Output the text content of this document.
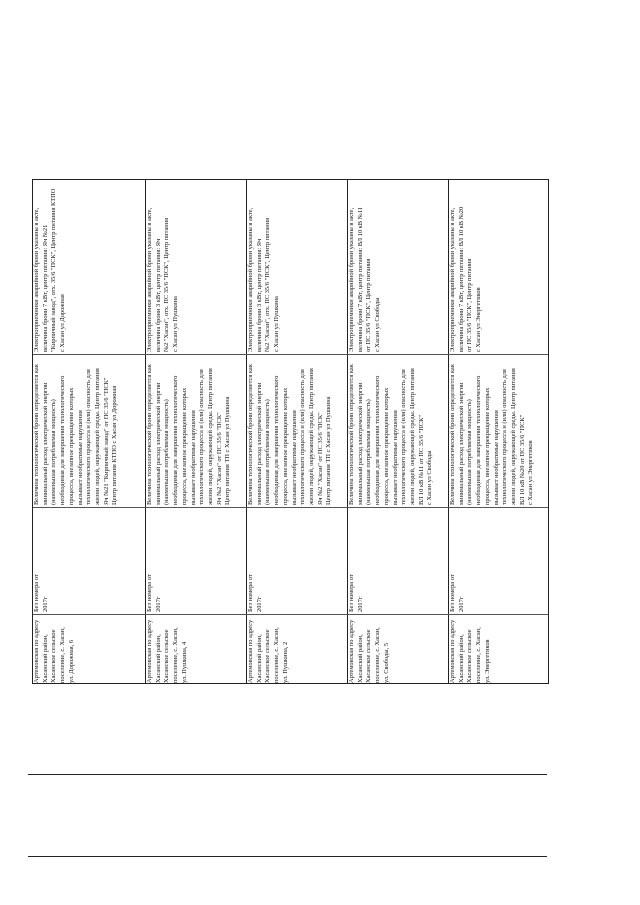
Электроприемники аварийной брони указаны в акте,
величина брони 7 кВт, центр питания: Яч №21
"Кирпичный завод", отх. 35/6 "ПСК", Центр питания КТПО
с Хасан ул Дорожная
Величина технологической брони определяется как
минимальный расход электрической энергии
(наименьшая потребляемая мощность)
необходимая для завершения технологического
процесса, внезапное прекращение которых
вызывает необратимые нарушения
технологического процесса и (или) опасность для
жизни людей, окружающей среды. Центр питания
Яч №21 "Кирпичный завод" от ПС 35/6 "ПСК"
Центр питания КТПО с Хасан ул Дорожная
Без номера от
2017г
Артемовская по адресу
Хасанский район,
Хасанское сельское
поселение, с. Хасан,
ул. Дорожная, 6
Электроприемники аварийной брони указаны в акте,
величина брони 3 кВт, центр питания: Яч
№2 "Хасан", отх. ПС 35/6 "ПСК", Центр питания
с Хасан ул Пушкина
Величина технологической брони определяется как
минимальный расход электрической энергии
(наименьшая потребляемая мощность)
необходимая для завершения технологического
процесса, внезапное прекращение которых
вызывает необратимые нарушения
технологического процесса и (или) опасность для
жизни людей, окружающей среды. Центр питания
Яч №2 "Хасан" от ПС 35/6 "ПСК"
Центр питания ТП с Хасан ул Пушкина
Без номера от
2017г
Артемовская по адресу
Хасанский район,
Хасанское сельское
поселение, с. Хасан,
ул. Пушкина, 4
Электроприемники аварийной брони указаны в акте,
величина брони 3 кВт, центр питания: Яч
№2 "Хасан", отх. ПС 35/6 "ПСК", Центр питания
с Хасан ул Пушкина
Величина технологической брони определяется как
минимальный расход электрической энергии
(наименьшая потребляемая мощность)
необходимая для завершения технологического
процесса, внезапное прекращение которых
вызывает необратимые нарушения
технологического процесса и (или) опасность для
жизни людей, окружающей среды. Центр питания
Яч №2 "Хасан" от ПС 35/6 "ПСК"
Центр питания ТП с Хасан ул Пушкина
Без номера от
2017г
Артемовская по адресу
Хасанский район,
Хасанское сельское
поселение, с. Хасан,
ул. Пушкина, 2
Электроприемники аварийной брони указаны в акте,
величина брони 7 кВт, центр питания: ВЛ 10 кВ №11
от ПС 35/6 "ПСК", Центр питания
с Хасан ул Свободы
Величина технологической брони определяется как
минимальный расход электрической энергии
(наименьшая потребляемая мощность)
необходимая для завершения технологического
процесса, внезапное прекращение которых
вызывает необратимые нарушения
технологического процесса и (или) опасность для
жизни людей, окружающей среды. Центр питания
ВЛ 10 кВ №11 от ПС 35/6 "ПСК"
с Хасан ул Свободы
Без номера от
2017г
Артемовская по адресу
Хасанский район,
Хасанское сельское
поселение, с. Хасан,
ул. Свободы, 5
Электроприемники аварийной брони указаны в акте,
величина брони 7 кВт, центр питания: ВЛ 10 кВ №20
от ПС 35/6 "ПСК", Центр питания
с Хасан ул Энергетиков
Величина технологической брони определяется как
минимальный расход электрической энергии
(наименьшая потребляемая мощность)
необходимая для завершения технологического
процесса, внезапное прекращение которых
вызывает необратимые нарушения
технологического процесса и (или) опасность для
жизни людей, окружающей среды. Центр питания
ВЛ 10 кВ №20 от ПС 35/6 "ПСК"
с Хасан ул Энергетиков
Без номера от
2017г
Артемовская по адресу
Хасанский район,
Хасанское сельское
поселение, с. Хасан,
ул. Энергетиков
